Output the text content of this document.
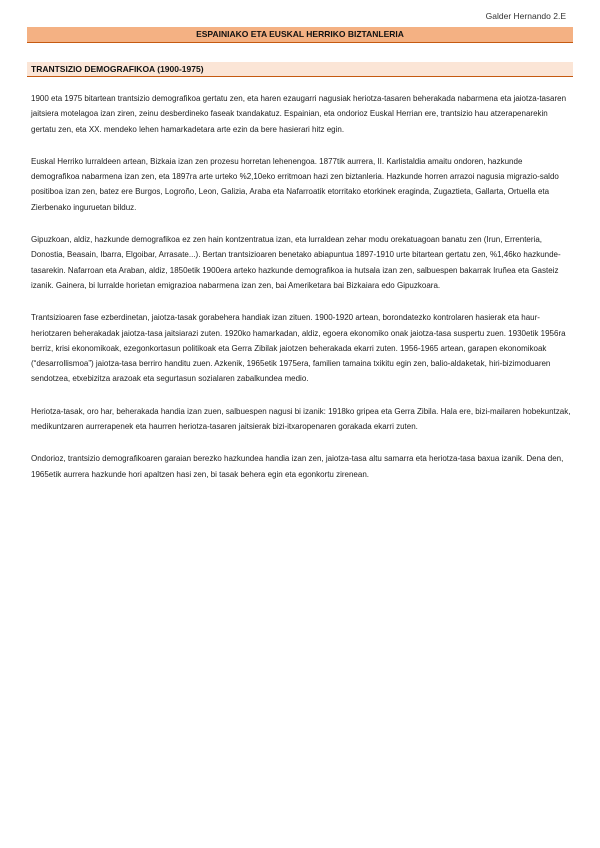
Galder Hernando 2.E
ESPAINIAKO ETA EUSKAL HERRIKO BIZTANLERIA
TRANTSIZIO DEMOGRAFIKOA (1900-1975)

1900 eta 1975 bitartean trantsizio demografikoa gertatu zen, eta haren ezaugarri nagusiak heriotza-tasaren beherakada nabarmena eta jaiotza-tasaren jaitsiera motelagoa izan ziren, zeinu desberdineko faseak txandakatuz. Espainian, eta ondorioz Euskal Herrian ere, trantsizio hau atzerapenarekin gertatu zen, eta XX. mendeko lehen hamarkadetara arte ezin da bere hasierari hitz egin.

Euskal Herriko lurraldeen artean, Bizkaia izan zen prozesu horretan lehenengoa. 1877tik aurrera, II. Karlistaldia amaitu ondoren, hazkunde demografikoa nabarmena izan zen, eta 1897ra arte urteko %2,10eko erritmoan hazi zen biztanleria. Hazkunde horren arrazoi nagusia migrazio-saldo positiboa izan zen, batez ere Burgos, Logroño, Leon, Galizia, Araba eta Nafarroatik etorritako etorkinek eraginda, Zugaztieta, Gallarta, Ortuella eta Zierbenako inguruetan bilduz.

Gipuzkoan, aldiz, hazkunde demografikoa ez zen hain kontzentratua izan, eta lurraldean zehar modu orekatuagoan banatu zen (Irun, Errenteria, Donostia, Beasain, Ibarra, Elgoibar, Arrasate...). Bertan trantsizioaren benetako abiapuntua 1897-1910 urte bitartean gertatu zen, %1,46ko hazkunde-tasarekin. Nafarroan eta Araban, aldiz, 1850etik 1900era arteko hazkunde demografikoa ia hutsala izan zen, salbuespen bakarrak Iruñea eta Gasteiz izanik. Gainera, bi lurralde horietan emigrazioa nabarmena izan zen, bai Ameriketara bai Bizkaiara edo Gipuzkoara.

Trantsizioaren fase ezberdinetan, jaiotza-tasak gorabehera handiak izan zituen. 1900-1920 artean, borondatezko kontrolaren hasierak eta haur-heriotzaren beherakadak jaiotza-tasa jaitsiarazi zuten. 1920ko hamarkadan, aldiz, egoera ekonomiko onak jaiotza-tasa suspertu zuen. 1930etik 1956ra berriz, krisi ekonomikoak, ezegonkortasun politikoak eta Gerra Zibilak jaiotzen beherakada ekarri zuten. 1956-1965 artean, garapen ekonomikoak (“desarrollismoa”) jaiotza-tasa berriro handitu zuen. Azkenik, 1965etik 1975era, familien tamaina txikitu egin zen, balio-aldaketak, hiri-bizimoduaren sendotzea, etxebizitza arazoak eta segurtasun sozialaren zabalkundea medio.

Heriotza-tasak, oro har, beherakada handia izan zuen, salbuespen nagusi bi izanik: 1918ko gripea eta Gerra Zibila. Hala ere, bizi-mailaren hobekuntzak, medikuntzaren aurrerapenek eta haurren heriotza-tasaren jaitsierak bizi-itxaropenaren gorakada ekarri zuten.

Ondorioz, trantsizio demografikoaren garaian berezko hazkundea handia izan zen, jaiotza-tasa altu samarra eta heriotza-tasa baxua izanik. Dena den, 1965etik aurrera hazkunde hori apaltzen hasi zen, bi tasak behera egin eta egonkortu zirenean.
